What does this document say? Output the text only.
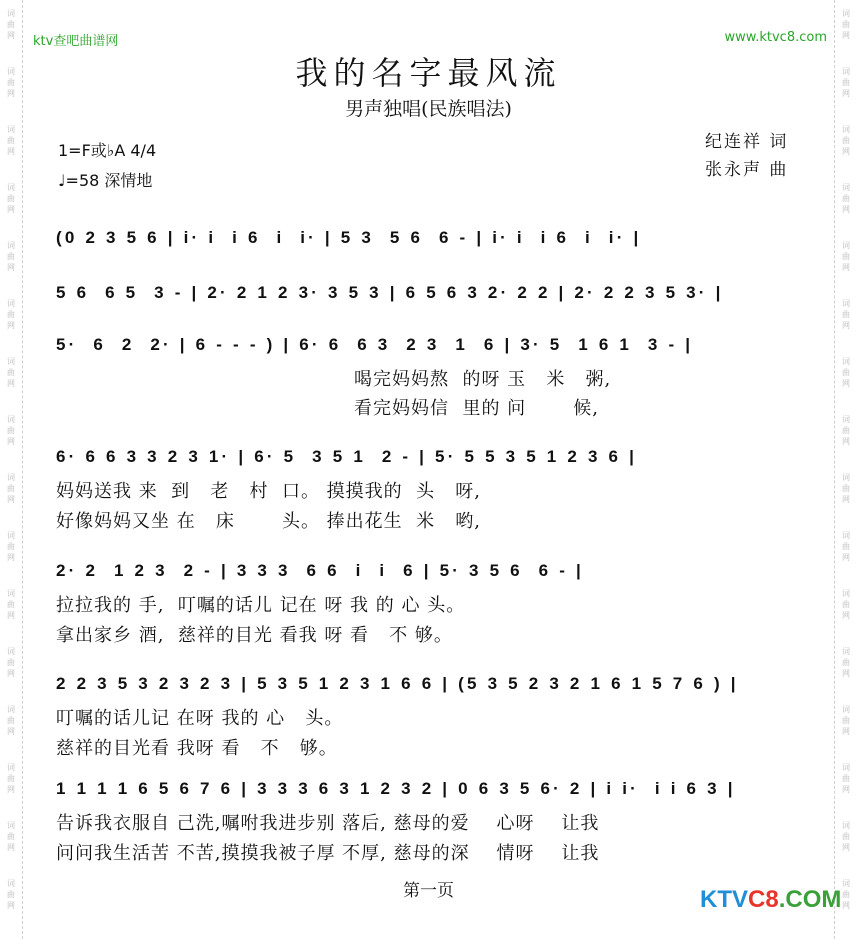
ktv查吧曲谱网	www.ktvc8.com
我的名字最风流
男声独唱(民族唱法)
1=F或♭A 4/4
♩=58 深情地
纪连祥 词
张永声 曲
(0 2 3 5 6 | i· i  i 6  i  i· | 5 3  5 6  6 - | i· i  i 6  i  i· |
5 6  6 5  3 - | 2· 2 1 2 3· 3 5 3 | 6 5 6 3 2· 2 2 | 2· 2 2 3 5 3· |
5·  6  2  2· | 6 - - - ) | 6· 6  6 3  2 3  1  6 | 3· 5  1 6 1  3 - |
喝完妈妈熬  的呀 玉   米   粥,
看完妈妈信  里的 问       候,
6· 6 6 3 3 2 3 1· | 6· 5  3 5 1  2 - | 5· 5 5 3 5 1 2 3 6 |
妈妈送我 来  到   老   村  口。 摸摸我的  头   呀,
好像妈妈又坐 在   床       头。 捧出花生  米   哟,
2· 2  1 2 3  2 - | 3 3 3  6 6  i  i  6 | 5· 3 5 6  6 - |
拉拉我的 手,  叮嘱的话儿 记在 呀 我 的 心 头。
拿出家乡 酒,  慈祥的目光 看我 呀 看   不 够。
2 2 3 5 3 2 3 2 3 | 5 3 5 1 2 3 1 6 6 | (5 3 5 2 3 2 1 6 1 5 7 6 ) |
叮嘱的话儿记 在呀 我的 心   头。
慈祥的目光看 我呀 看   不   够。
1 1 1 1 6 5 6 7 6 | 3 3 3 6 3 1 2 3 2 | 0 6 3 5 6· 2 | i i·  i i 6 3 |
告诉我衣服自 己洗,嘱咐我进步别 落后, 慈母的爱    心呀    让我
问问我生活苦 不苦,摸摸我被子厚 不厚, 慈母的深    情呀    让我
第一页	KTVC8.COM
词
曲
网
词
曲
网
词
曲
网
词
曲
网
词
曲
网
词
曲
网
词
曲
网
词
曲
网
词
曲
网
词
曲
网
词
曲
网
词
曲
网
词
曲
网
词
曲
网
词
曲
网
词
曲
网
词
曲
网
词
曲
网
词
曲
网
词
曲
网
词
曲
网
词
曲
网
词
曲
网
词
曲
网
词
曲
网
词
曲
网
词
曲
网
词
曲
网
词
曲
网
词
曲
网
词
曲
网
词
曲
网
